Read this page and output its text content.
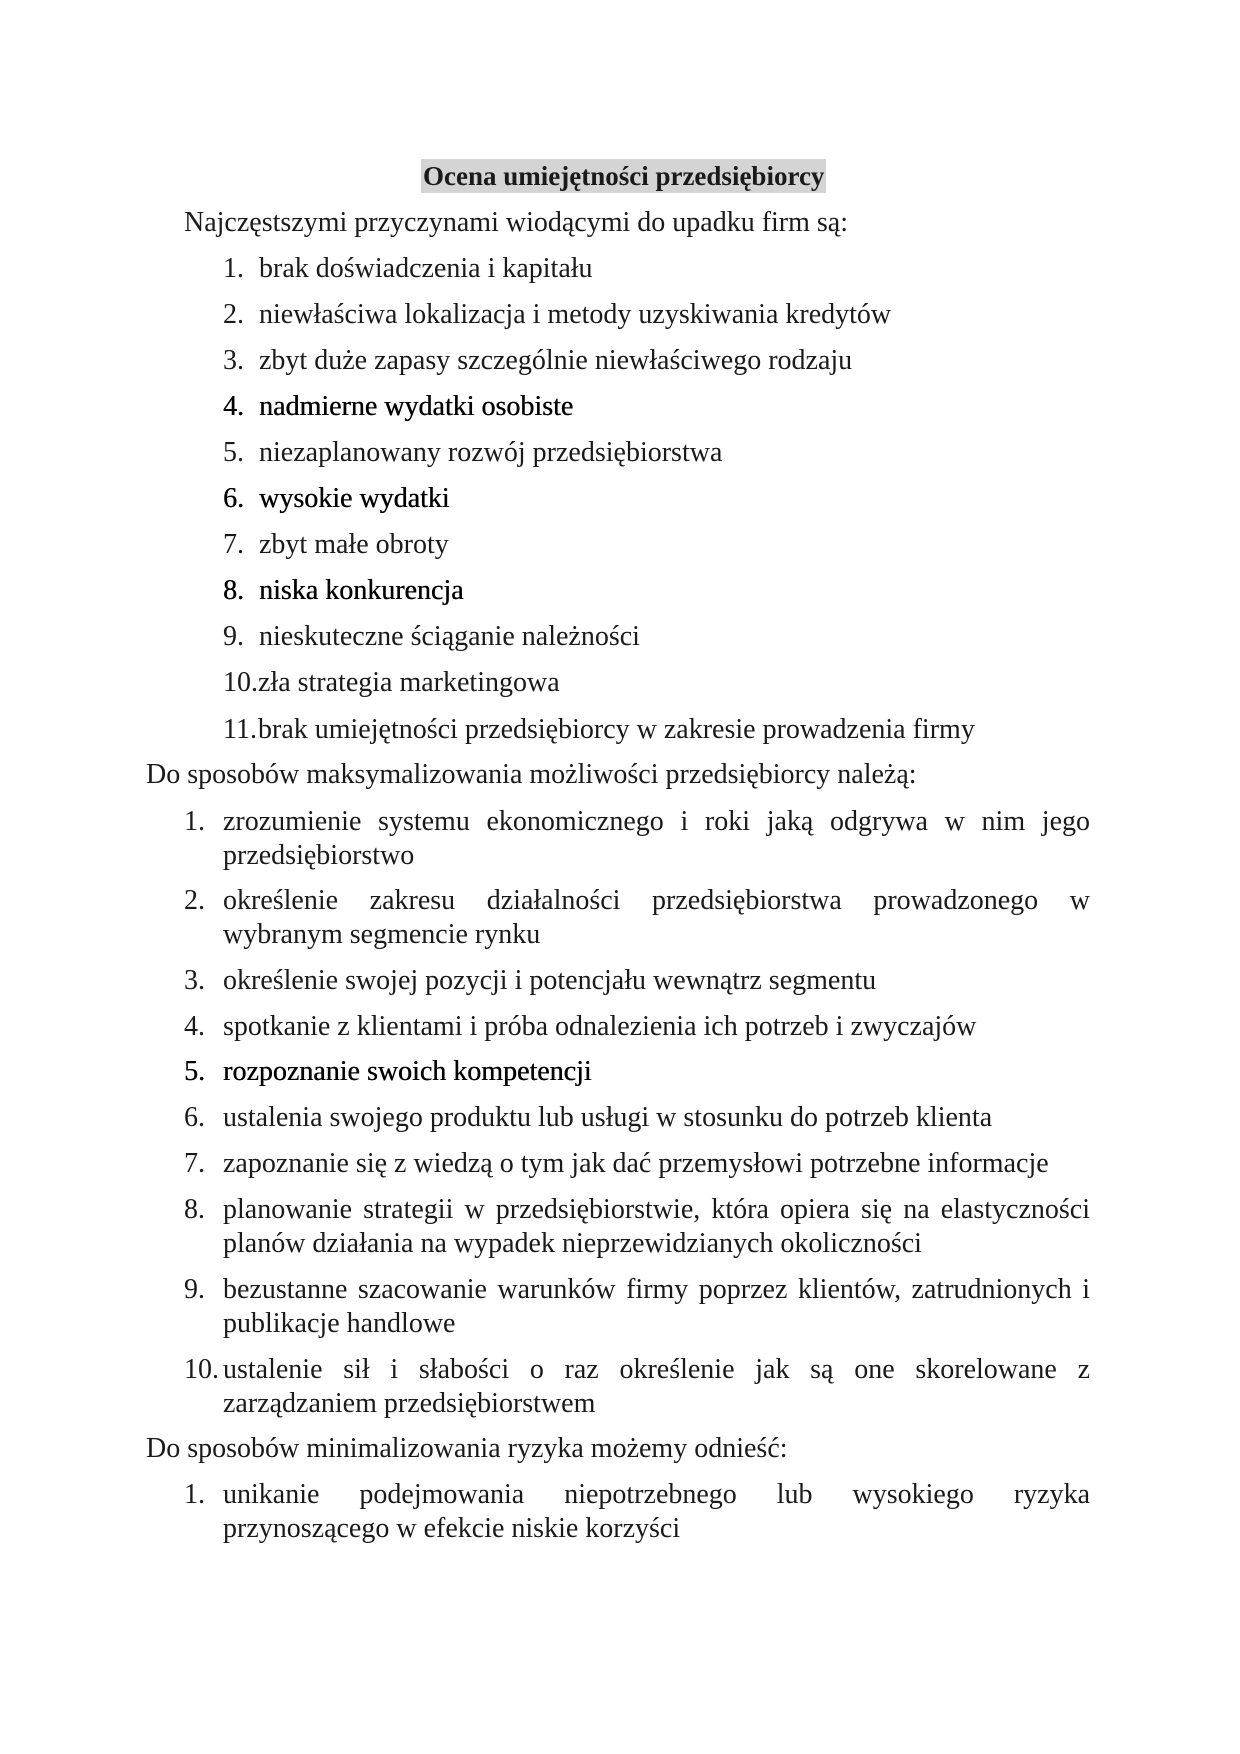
Ocena umiejętności przedsiębiorcy
Najczęstszymi przyczynami wiodącymi do upadku firm są:
1. brak doświadczenia i kapitału
2. niewłaściwa lokalizacja i metody uzyskiwania kredytów
3. zbyt duże zapasy szczególnie niewłaściwego rodzaju
4. nadmierne wydatki osobiste
5. niezaplanowany rozwój przedsiębiorstwa
6. wysokie wydatki
7. zbyt małe obroty
8. niska konkurencja
9. nieskuteczne ściąganie należności
10. zła strategia marketingowa
11. brak umiejętności przedsiębiorcy w zakresie prowadzenia firmy
Do sposobów maksymalizowania możliwości przedsiębiorcy należą:
1. zrozumienie systemu ekonomicznego i roki jaką odgrywa w nim jego przedsiębiorstwo
2. określenie zakresu działalności przedsiębiorstwa prowadzonego w wybranym segmencie rynku
3. określenie swojej pozycji i potencjału wewnątrz segmentu
4. spotkanie z klientami i próba odnalezienia ich potrzeb i zwyczajów
5. rozpoznanie swoich kompetencji
6. ustalenia swojego produktu lub usługi w stosunku do potrzeb klienta
7. zapoznanie się z wiedzą o tym jak dać przemysłowi potrzebne informacje
8. planowanie strategii w przedsiębiorstwie, która opiera się na elastyczności planów działania na wypadek nieprzewidzianych okoliczności
9. bezustanne szacowanie warunków firmy poprzez klientów, zatrudnionych i publikacje handlowe
10. ustalenie sił i słabości o raz określenie jak są one skorelowane z zarządzaniem przedsiębiorstwem
Do sposobów minimalizowania ryzyka możemy odnieść:
1. unikanie podejmowania niepotrzebnego lub wysokiego ryzyka przynoszącego w efekcie niskie korzyści
